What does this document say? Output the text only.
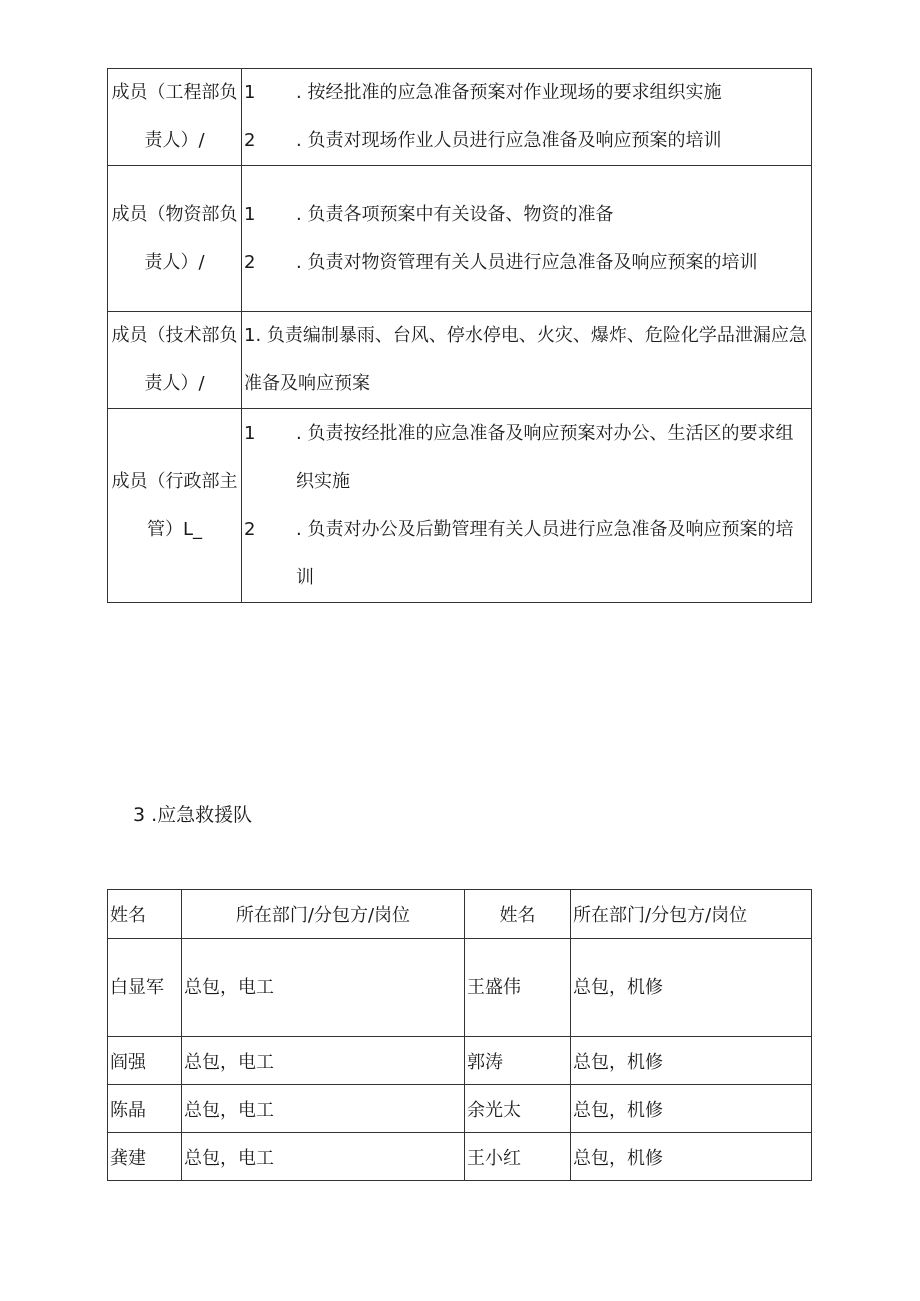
成员（工程部负责人）/	1 . 按经批准的应急准备预案对作业现场的要求组织实施
2 . 负责对现场作业人员进行应急准备及响应预案的培训

成员（物资部负责人）/	1 . 负责各项预案中有关设备、物资的准备
2 . 负责对物资管理有关人员进行应急准备及响应预案的培训

成员（技术部负责人）/	1. 负责编制暴雨、台风、停水停电、火灾、爆炸、危险化学品泄漏应急准备及响应预案
成员（行政部主管）L_	1 . 负责按经批准的应急准备及响应预案对办公、生活区的要求组织实施
2 . 负责对办公及后勤管理有关人员进行应急准备及响应预案的培训
3 .应急救援队
姓名	所在部门/分包方/岗位	姓名	所在部门/分包方/岗位
白显军	总包，电工	王盛伟	总包，机修
阎强	总包，电工	郭涛	总包，机修
陈晶	总包，电工	余光太	总包，机修
龚建	总包，电工	王小红	总包，机修
